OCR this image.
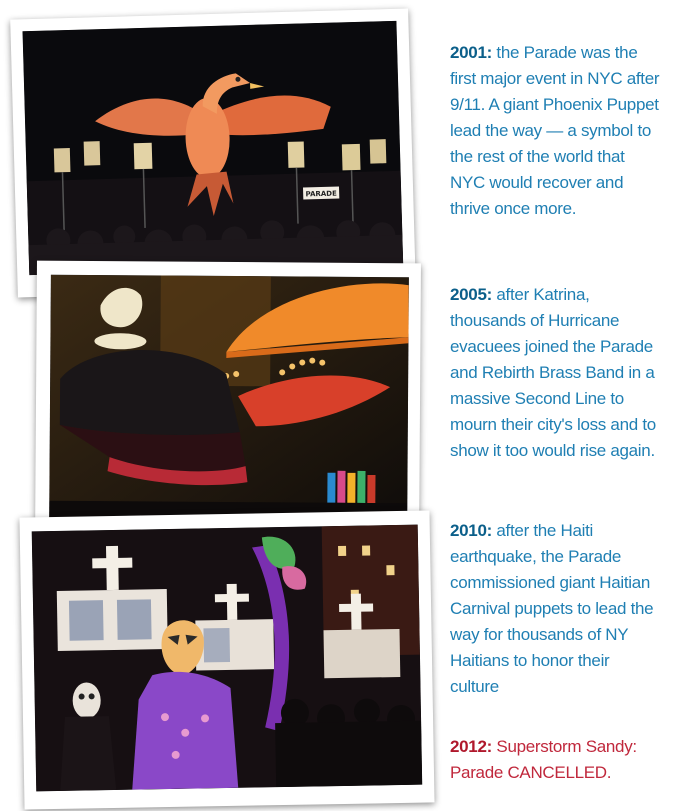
PARADE
2001: the Parade was the first major event in NYC after 9/11. A giant Phoenix Puppet lead the way — a symbol to the rest of the world that NYC would recover and thrive once more.
2005: after Katrina, thousands of Hurricane evacuees joined the Parade and Rebirth Brass Band in a massive Second Line to mourn their city's loss and to show it too would rise again.
2010: after the Haiti earthquake, the Parade commissioned giant Haitian Carnival puppets to lead the way for thousands of NY Haitians to honor their culture
2012: Superstorm Sandy: Parade CANCELLED.
